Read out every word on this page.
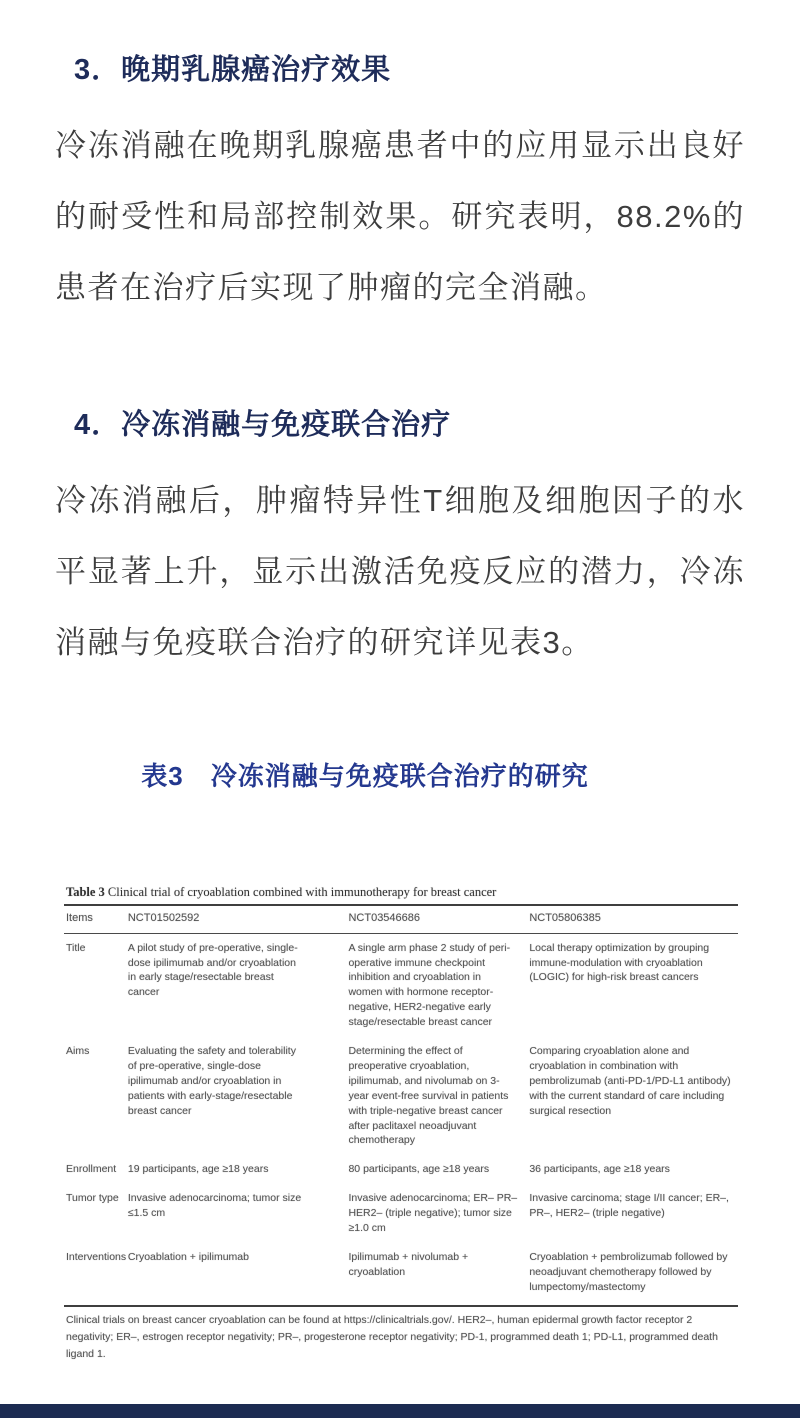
3．晚期乳腺癌治疗效果

冷冻消融在晚期乳腺癌患者中的应用显示出良好的耐受性和局部控制效果。研究表明，88.2%的患者在治疗后实现了肿瘤的完全消融。

4．冷冻消融与免疫联合治疗

冷冻消融后，肿瘤特异性T细胞及细胞因子的水平显著上升，显示出激活免疫反应的潜力，冷冻消融与免疫联合治疗的研究详见表3。

表3　冷冻消融与免疫联合治疗的研究
Table 3 Clinical trial of cryoablation combined with immunotherapy for breast cancer
Items	NCT01502592	NCT03546686	NCT05806385
Title	A pilot study of pre-operative, single-dose ipilimumab and/or cryoablation in early stage/resectable breast cancer	A single arm phase 2 study of peri-operative immune checkpoint inhibition and cryoablation in women with hormone receptor-negative, HER2-negative early stage/resectable breast cancer	Local therapy optimization by grouping immune-modulation with cryoablation (LOGIC) for high-risk breast cancers
Aims	Evaluating the safety and tolerability of pre-operative, single-dose ipilimumab and/or cryoablation in patients with early-stage/resectable breast cancer	Determining the effect of preoperative cryoablation, ipilimumab, and nivolumab on 3-year event-free survival in patients with triple-negative breast cancer after paclitaxel neoadjuvant chemotherapy	Comparing cryoablation alone and cryoablation in combination with pembrolizumab (anti-PD-1/PD-L1 antibody) with the current standard of care including surgical resection
Enrollment	19 participants, age ≥18 years	80 participants, age ≥18 years	36 participants, age ≥18 years
Tumor type	Invasive adenocarcinoma; tumor size ≤1.5 cm	Invasive adenocarcinoma; ER– PR– HER2– (triple negative); tumor size ≥1.0 cm	Invasive carcinoma; stage I/II cancer; ER–, PR–, HER2– (triple negative)
Interventions	Cryoablation + ipilimumab	Ipilimumab + nivolumab + cryoablation	Cryoablation + pembrolizumab followed by neoadjuvant chemotherapy followed by lumpectomy/mastectomy
Clinical trials on breast cancer cryoablation can be found at https://clinicaltrials.gov/. HER2–, human epidermal growth factor receptor 2 negativity; ER–, estrogen receptor negativity; PR–, progesterone receptor negativity; PD-1, programmed death 1; PD-L1, programmed death ligand 1.
